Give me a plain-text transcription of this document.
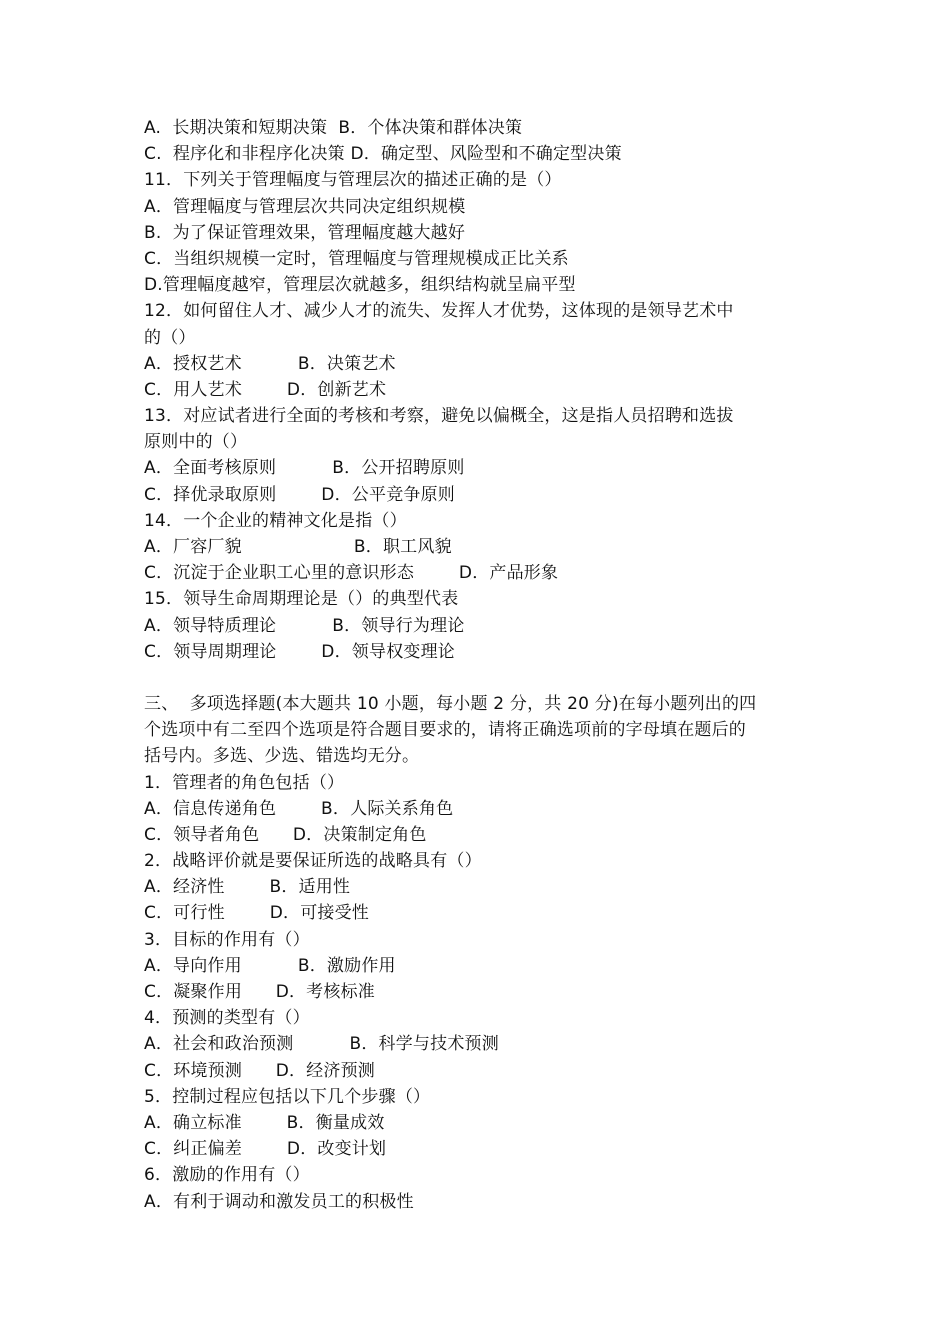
A.  长期决策和短期决策  B．个体决策和群体决策
C.  程序化和非程序化决策 D．确定型、风险型和不确定型决策
11．下列关于管理幅度与管理层次的描述正确的是（）
A．管理幅度与管理层次共同决定组织规模
B.  为了保证管理效果，管理幅度越大越好
C．当组织规模一定时，管理幅度与管理规模成正比关系
D.管理幅度越窄，管理层次就越多，组织结构就呈扁平型
12．如何留住人才、减少人才的流失、发挥人才优势，这体现的是领导艺术中
的（）
A．授权艺术          B．决策艺术
C．用人艺术        D．创新艺术
13．对应试者进行全面的考核和考察，避免以偏概全，这是指人员招聘和选拔
原则中的（）
A．全面考核原则          B．公开招聘原则
C．择优录取原则        D．公平竞争原则
14．一个企业的精神文化是指（）
A．厂容厂貌                    B．职工风貌
C．沉淀于企业职工心里的意识形态        D．产品形象
15．领导生命周期理论是（）的典型代表
A．领导特质理论          B．领导行为理论
C．领导周期理论        D．领导权变理论
三、  多项选择题(本大题共 10 小题，每小题 2 分，共 20 分)在每小题列出的四
个选项中有二至四个选项是符合题目要求的，请将正确选项前的字母填在题后的
括号内。多选、少选、错选均无分。
1．管理者的角色包括（）
A．信息传递角色        B．人际关系角色
C．领导者角色      D．决策制定角色
2．战略评价就是要保证所选的战略具有（）
A．经济性        B．适用性
C．可行性        D．可接受性
3．目标的作用有（）
A．导向作用          B．激励作用
C．凝聚作用      D．考核标准
4．预测的类型有（）
A．社会和政治预测          B．科学与技术预测
C．环境预测      D．经济预测
5．控制过程应包括以下几个步骤（）
A．确立标准        B．衡量成效
C．纠正偏差        D．改变计划
6．激励的作用有（）
A．有利于调动和激发员工的积极性
